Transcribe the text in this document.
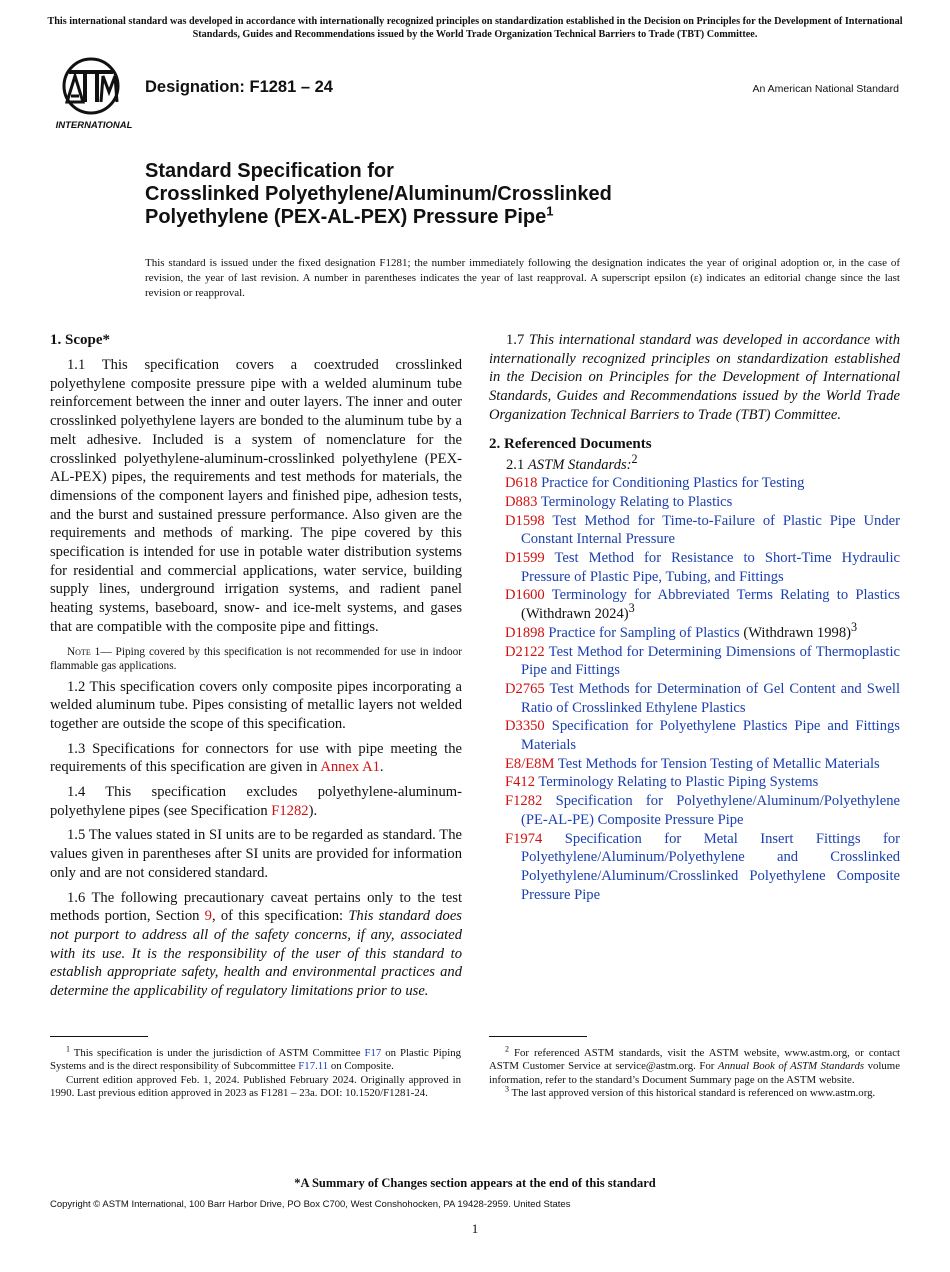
This international standard was developed in accordance with internationally recognized principles on standardization established in the Decision on Principles for the Development of International Standards, Guides and Recommendations issued by the World Trade Organization Technical Barriers to Trade (TBT) Committee.
INTERNATIONAL
Designation: F1281 – 24	An American National Standard
Standard Specification for
Crosslinked Polyethylene/Aluminum/Crosslinked
Polyethylene (PEX-AL-PEX) Pressure Pipe$^1$
This standard is issued under the fixed designation F1281; the number immediately following the designation indicates the year of original adoption or, in the case of revision, the year of last revision. A number in parentheses indicates the year of last reapproval. A superscript epsilon (ε) indicates an editorial change since the last revision or reapproval.
1. Scope*

1.1 This specification covers a coextruded crosslinked polyethylene composite pressure pipe with a welded aluminum tube reinforcement between the inner and outer layers. The inner and outer crosslinked polyethylene layers are bonded to the aluminum tube by a melt adhesive. Included is a system of nomenclature for the crosslinked polyethylene-aluminum-crosslinked polyethylene (PEX-AL-PEX) pipes, the requirements and test methods for materials, the dimensions of the component layers and finished pipe, adhesion tests, and the burst and sustained pressure performance. Also given are the requirements and methods of marking. The pipe covered by this specification is intended for use in potable water distribution systems for residential and commercial applications, water service, building supply lines, underground irrigation systems, and radient panel heating systems, baseboard, snow- and ice-melt systems, and gases that are compatible with the composite pipe and fittings.

Note 1— Piping covered by this specification is not recommended for use in indoor flammable gas applications.

1.2 This specification covers only composite pipes incorporating a welded aluminum tube. Pipes consisting of metallic layers not welded together are outside the scope of this specification.

1.3 Specifications for connectors for use with pipe meeting the requirements of this specification are given in Annex A1.

1.4 This specification excludes polyethylene-aluminum-polyethylene pipes (see Specification F1282).

1.5 The values stated in SI units are to be regarded as standard. The values given in parentheses after SI units are provided for information only and are not considered standard.

1.6 The following precautionary caveat pertains only to the test methods portion, Section 9, of this specification: This standard does not purport to address all of the safety concerns, if any, associated with its use. It is the responsibility of the user of this standard to establish appropriate safety, health and environmental practices and determine the applicability of regulatory limitations prior to use.

1.7 This international standard was developed in accordance with internationally recognized principles on standardization established in the Decision on Principles for the Development of International Standards, Guides and Recommendations issued by the World Trade Organization Technical Barriers to Trade (TBT) Committee.

2. Referenced Documents

2.1 ASTM Standards:$^2$

D618 Practice for Conditioning Plastics for Testing

D883 Terminology Relating to Plastics

D1598 Test Method for Time-to-Failure of Plastic Pipe Under Constant Internal Pressure

D1599 Test Method for Resistance to Short-Time Hydraulic Pressure of Plastic Pipe, Tubing, and Fittings

D1600 Terminology for Abbreviated Terms Relating to Plastics (Withdrawn 2024)$^3$

D1898 Practice for Sampling of Plastics (Withdrawn 1998)$^3$

D2122 Test Method for Determining Dimensions of Thermoplastic Pipe and Fittings

D2765 Test Methods for Determination of Gel Content and Swell Ratio of Crosslinked Ethylene Plastics

D3350 Specification for Polyethylene Plastics Pipe and Fittings Materials

E8/E8M Test Methods for Tension Testing of Metallic Materials

F412 Terminology Relating to Plastic Piping Systems

F1282 Specification for Polyethylene/Aluminum/Polyethylene (PE-AL-PE) Composite Pressure Pipe

F1974 Specification for Metal Insert Fittings for Polyethylene/Aluminum/Polyethylene and Crosslinked Polyethylene/Aluminum/Crosslinked Polyethylene Composite Pressure Pipe

$^1$ This specification is under the jurisdiction of ASTM Committee F17 on Plastic Piping Systems and is the direct responsibility of Subcommittee F17.11 on Composite.

Current edition approved Feb. 1, 2024. Published February 2024. Originally approved in 1990. Last previous edition approved in 2023 as F1281 – 23a. DOI: 10.1520/F1281-24.

$^2$ For referenced ASTM standards, visit the ASTM website, www.astm.org, or contact ASTM Customer Service at service@astm.org. For Annual Book of ASTM Standards volume information, refer to the standard’s Document Summary page on the ASTM website.

$^3$ The last approved version of this historical standard is referenced on www.astm.org.

*A Summary of Changes section appears at the end of this standard
Copyright © ASTM International, 100 Barr Harbor Drive, PO Box C700, West Conshohocken, PA 19428-2959. United States
1
